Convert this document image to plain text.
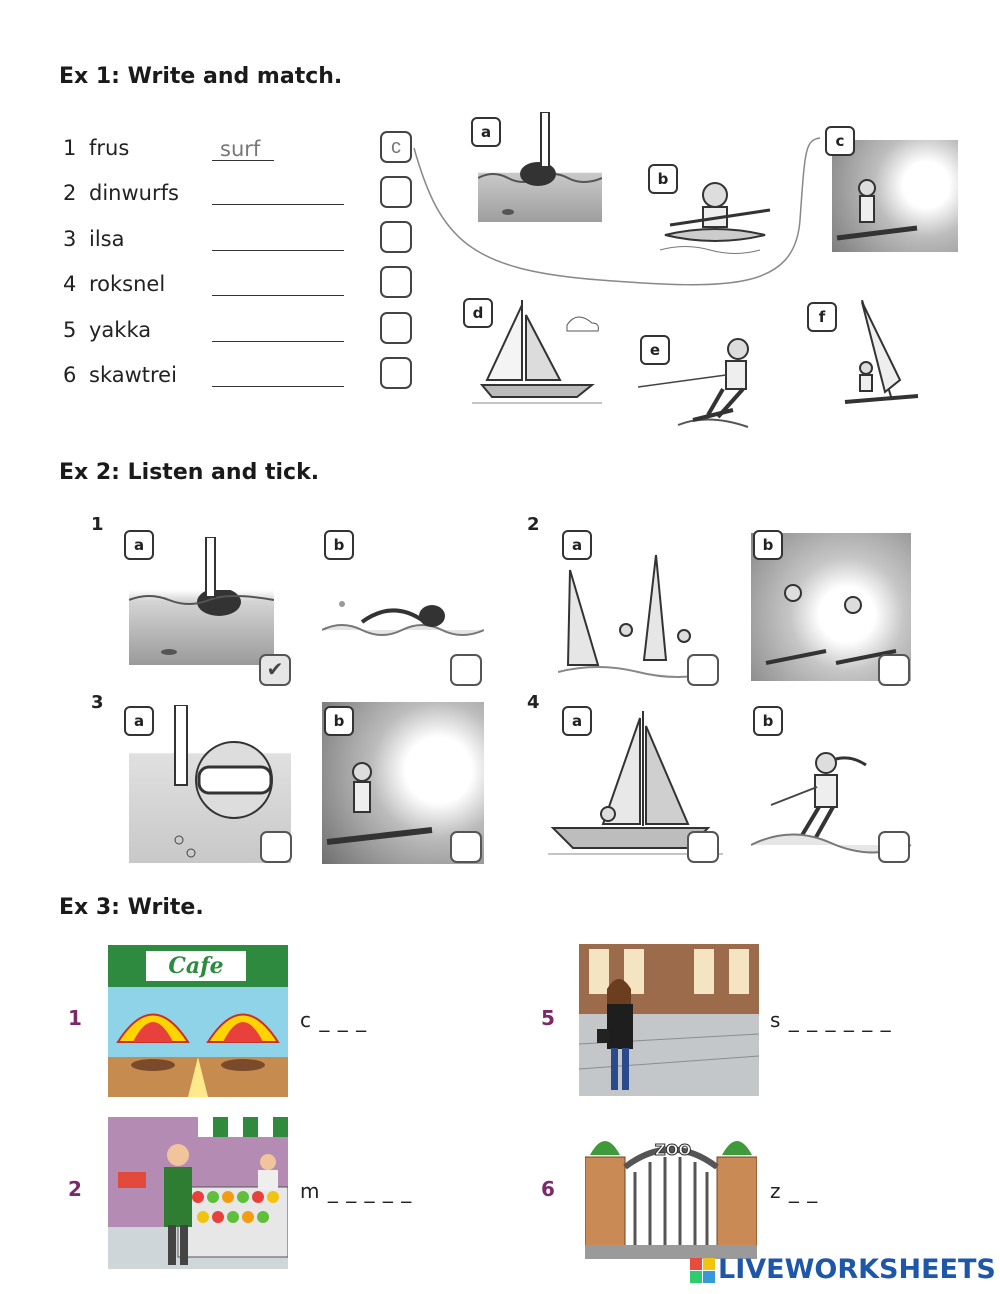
Ex 1: Write and match.
1 frus	surf	c
2 dinwurfs
3 ilsa
4 roksnel
5 yakka
6 skawtrei
a
b
c
d
e
f
Ex 2: Listen and tick.
1
a
✔
b
2
a	b
3
a	b
4
a	b
Ex 3: Write.
1
Cafe
c _ _ _
2	m _ _ _ _ _
5	s _ _ _ _ _ _
6
ZOO
z _ _
LIVEWORKSHEETS
